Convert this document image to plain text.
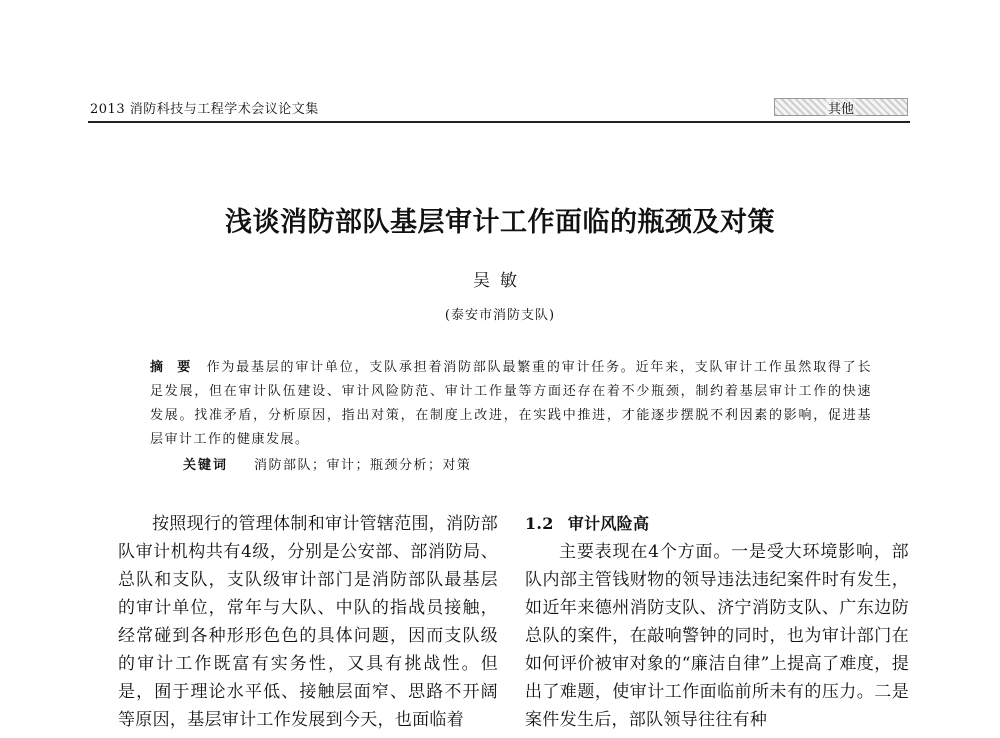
2013 消防科技与工程学术会议论文集	其他
浅谈消防部队基层审计工作面临的瓶颈及对策
吴敏
(泰安市消防支队)
摘要 作为最基层的审计单位，支队承担着消防部队最繁重的审计任务。近年来，支队审计工作虽然取得了长足发展，但在审计队伍建设、审计风险防范、审计工作量等方面还存在着不少瓶颈，制约着基层审计工作的快速发展。找准矛盾，分析原因，指出对策，在制度上改进，在实践中推进，才能逐步摆脱不利因素的影响，促进基层审计工作的健康发展。
关键词 消防部队；审计；瓶颈分析；对策

按照现行的管理体制和审计管辖范围，消防部队审计机构共有4级，分别是公安部、部消防局、总队和支队，支队级审计部门是消防部队最基层的审计单位，常年与大队、中队的指战员接触，经常碰到各种形形色色的具体问题，因而支队级的审计工作既富有实务性，又具有挑战性。但是，囿于理论水平低、接触层面窄、思路不开阔等原因，基层审计工作发展到今天，也面临着

1.2 审计风险高

主要表现在4个方面。一是受大环境影响，部队内部主管钱财物的领导违法违纪案件时有发生，如近年来德州消防支队、济宁消防支队、广东边防总队的案件，在敲响警钟的同时，也为审计部门在如何评价被审对象的“廉洁自律”上提高了难度，提出了难题，使审计工作面临前所未有的压力。二是案件发生后，部队领导往往有种
